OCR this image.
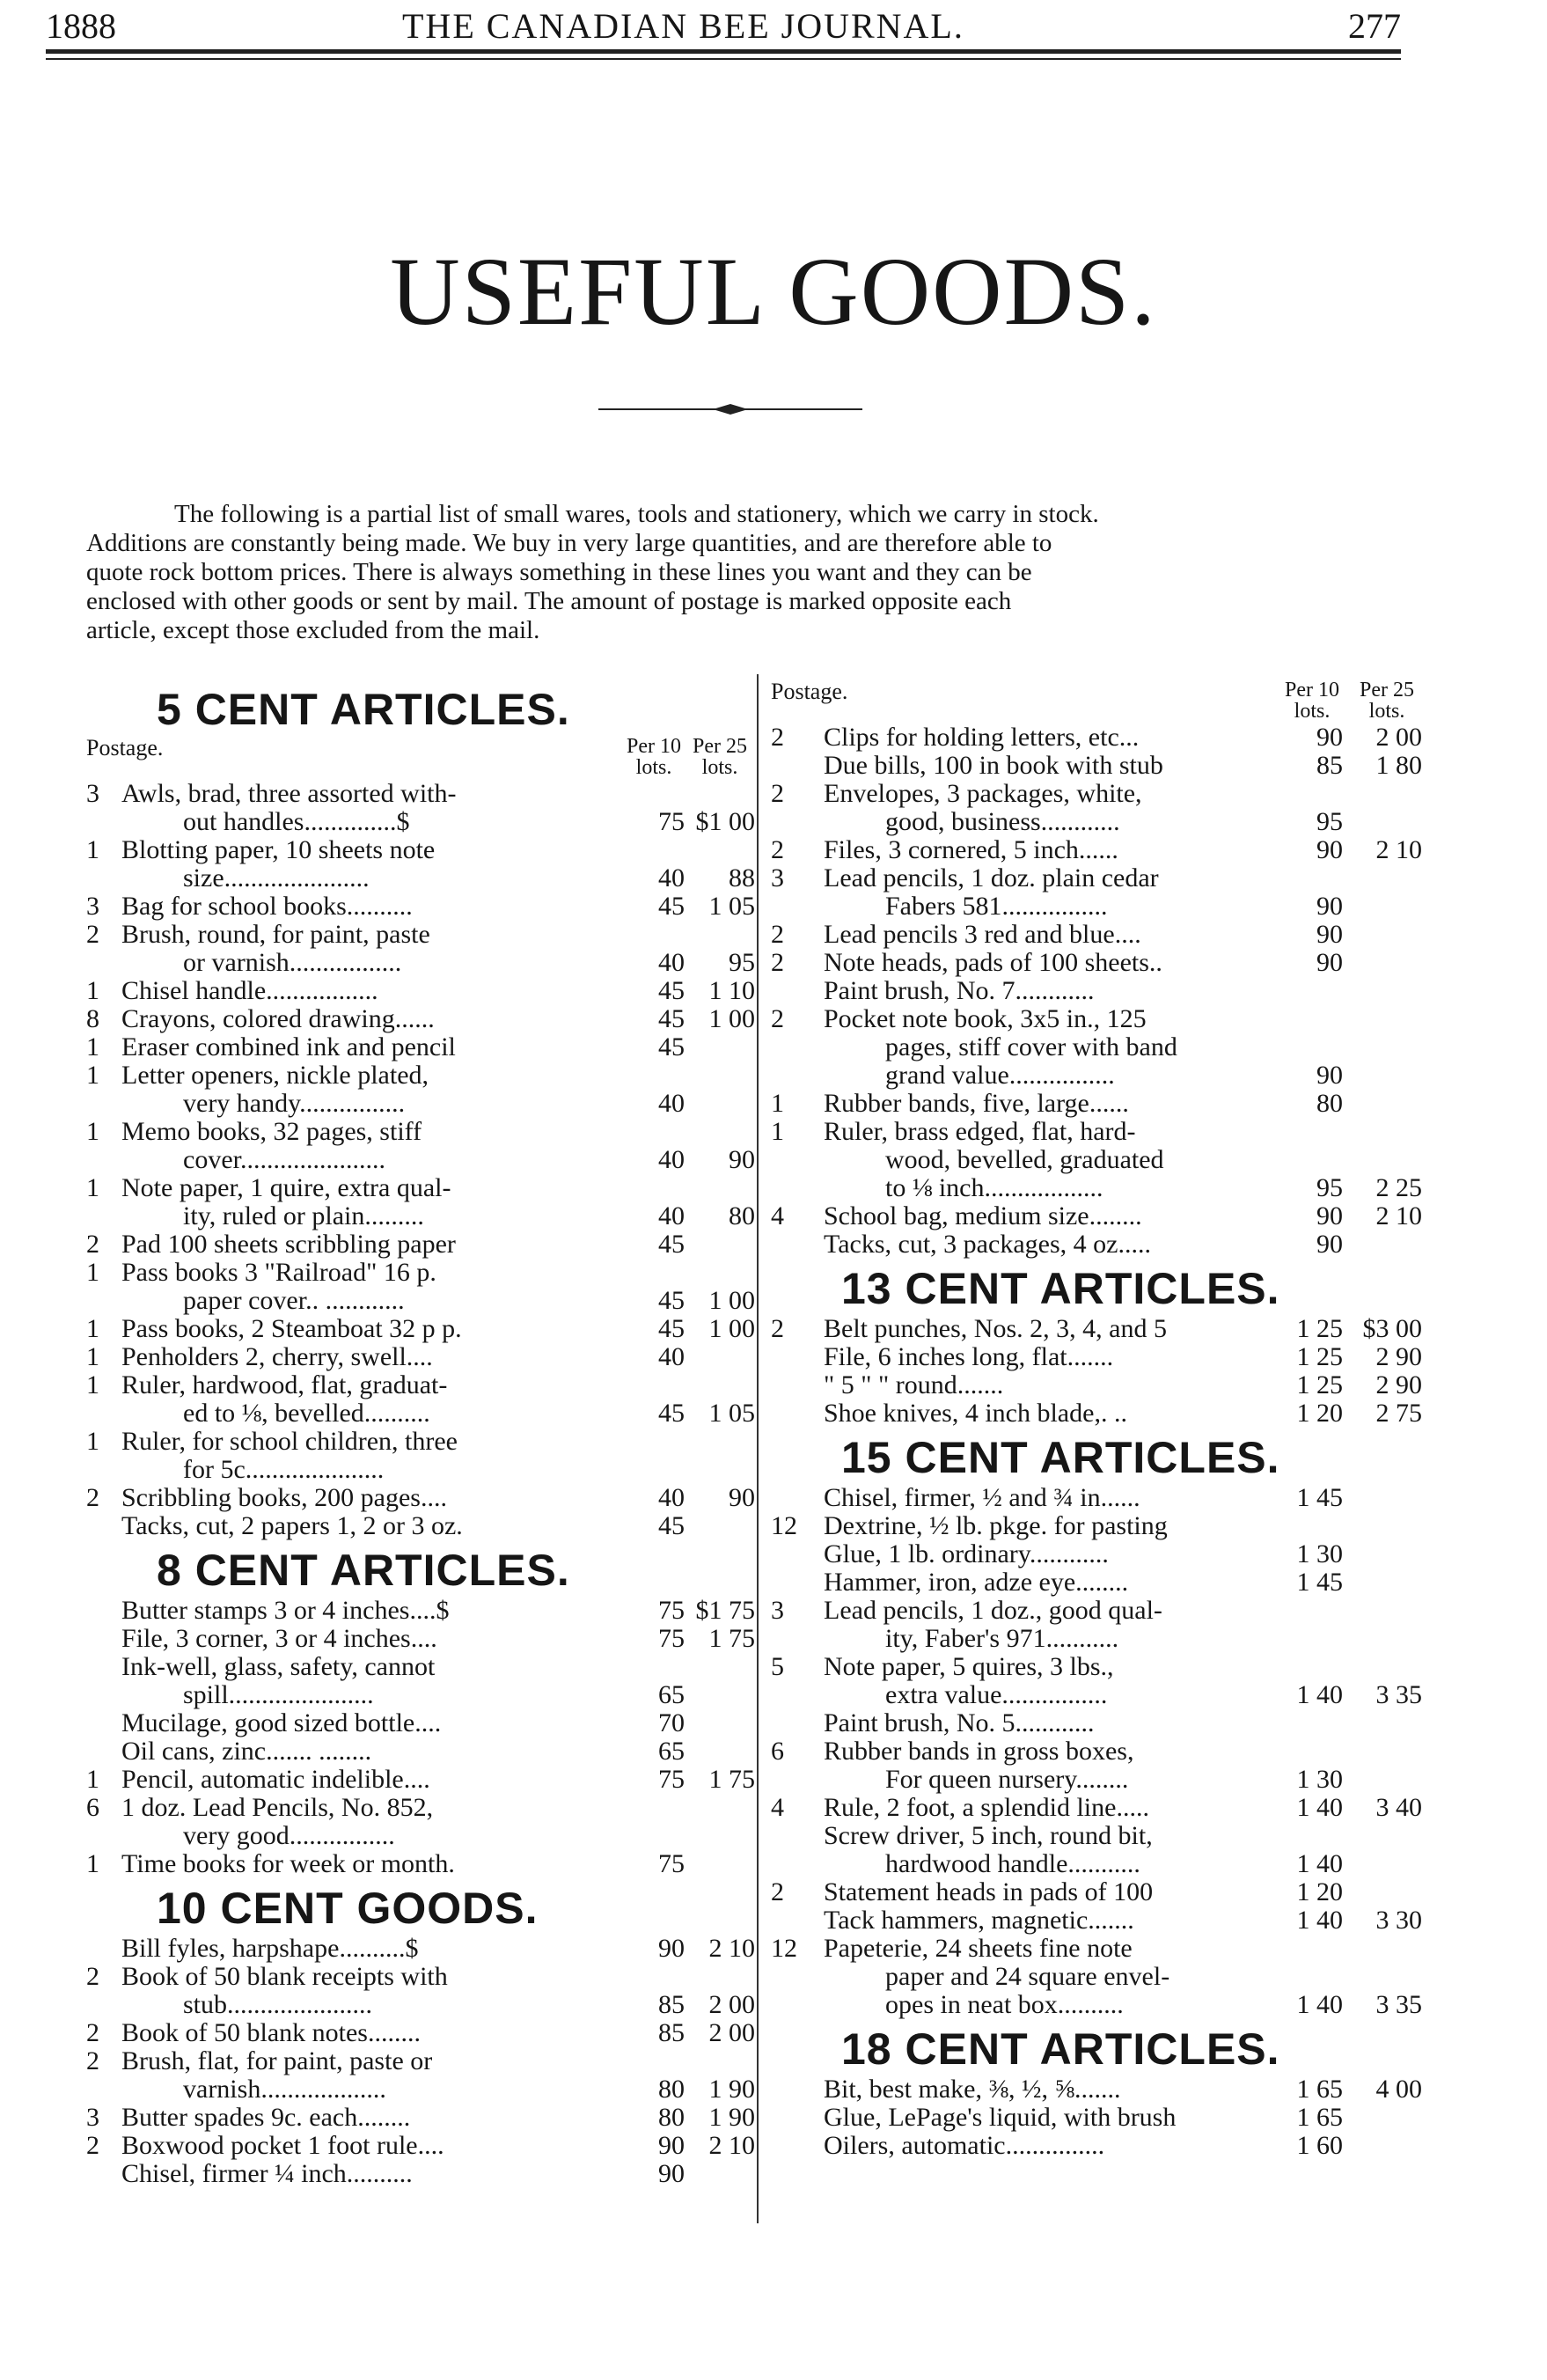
1888	THE CANADIAN BEE JOURNAL.	277
USEFUL GOODS.
The following is a partial list of small wares, tools and stationery, which we carry in stock.
Additions are constantly being made. We buy in very large quantities, and are therefore able to
quote rock bottom prices. There is always something in these lines you want and they can be
enclosed with other goods or sent by mail. The amount of postage is marked opposite each
article, except those excluded from the mail.
5 CENT ARTICLES.
Postage.	Per 10 lots.
Per 25 lots.
3 Awls, brad, three assorted with-
out handles..............$	75 $1 00
1 Blotting paper, 10 sheets note
size......................	40	88
3 Bag for school books..........	45 1 05
2 Brush, round, for paint, paste
or varnish.................	40	95
1 Chisel handle.................	45 1 10
8 Crayons, colored drawing......	45 1 00
1 Eraser combined ink and pencil	45
1 Letter openers, nickle plated,
very handy................	40
1 Memo books, 32 pages, stiff
cover......................	40	90
1 Note paper, 1 quire, extra qual-
ity, ruled or plain.........	40	80
2 Pad 100 sheets scribbling paper	45
1 Pass books 3 "Railroad" 16 p.
paper cover.. ............	45 1 00
1 Pass books, 2 Steamboat 32 p p.	45 1 00
1 Penholders 2, cherry, swell....	40
1 Ruler, hardwood, flat, graduat-
ed to ⅛, bevelled..........	45 1 05
1 Ruler, for school children, three
for 5c.....................
2 Scribbling books, 200 pages....	40	90
Tacks, cut, 2 papers 1, 2 or 3 oz.	45
8 CENT ARTICLES.
Butter stamps 3 or 4 inches....$	75 $1 75
File, 3 corner, 3 or 4 inches....	75 1 75
Ink-well, glass, safety, cannot
spill......................	65
Mucilage, good sized bottle....	70
Oil cans, zinc....... ........	65
1 Pencil, automatic indelible....	75 1 75
6 1 doz. Lead Pencils, No. 852,
very good................
1 Time books for week or month.	75
10 CENT GOODS.
Bill fyles, harpshape..........$	90 2 10
2 Book of 50 blank receipts with
stub......................	85 2 00
2 Book of 50 blank notes........	85 2 00
2 Brush, flat, for paint, paste or
varnish...................	80 1 90
3 Butter spades 9c. each........	80 1 90
2 Boxwood pocket 1 foot rule....	90 2 10
Chisel, firmer ¼ inch..........	90
Postage.	Per 10 lots.
Per 25 lots.
2	Clips for holding letters, etc...	90	2 00
Due bills, 100 in book with stub	85	1 80
2	Envelopes, 3 packages, white,
good, business............	95
2	Files, 3 cornered, 5 inch......	90	2 10
3	Lead pencils, 1 doz. plain cedar
Fabers 581................	90
2	Lead pencils 3 red and blue....	90
2	Note heads, pads of 100 sheets..	90
Paint brush, No. 7............
2	Pocket note book, 3x5 in., 125
pages, stiff cover with band
grand value................	90
1	Rubber bands, five, large......	80
1	Ruler, brass edged, flat, hard-
wood, bevelled, graduated
to ⅛ inch..................	95	2 25
4	School bag, medium size........	90	2 10
Tacks, cut, 3 packages, 4 oz.....	90
13 CENT ARTICLES.
2	Belt punches, Nos. 2, 3, 4, and 5	1 25 $3 00
File, 6 inches long, flat.......	1 25	2 90
" 5 " " round.......	1 25	2 90
Shoe knives, 4 inch blade,. ..	1 20	2 75
15 CENT ARTICLES.
Chisel, firmer, ½ and ¾ in......	1 45
12	Dextrine, ½ lb. pkge. for pasting
Glue, 1 lb. ordinary............	1 30
Hammer, iron, adze eye........	1 45
3	Lead pencils, 1 doz., good qual-
ity, Faber's 971...........
5	Note paper, 5 quires, 3 lbs.,
extra value................	1 40	3 35
Paint brush, No. 5............
6	Rubber bands in gross boxes,
For queen nursery........	1 30
4	Rule, 2 foot, a splendid line.....	1 40	3 40
Screw driver, 5 inch, round bit,
hardwood handle...........	1 40
2	Statement heads in pads of 100	1 20
Tack hammers, magnetic.......	1 40	3 30
12	Papeterie, 24 sheets fine note
paper and 24 square envel-
opes in neat box..........	1 40	3 35
18 CENT ARTICLES.
Bit, best make, ⅜, ½, ⅝.......	1 65	4 00
Glue, LePage's liquid, with brush	1 65
Oilers, automatic...............	1 60
